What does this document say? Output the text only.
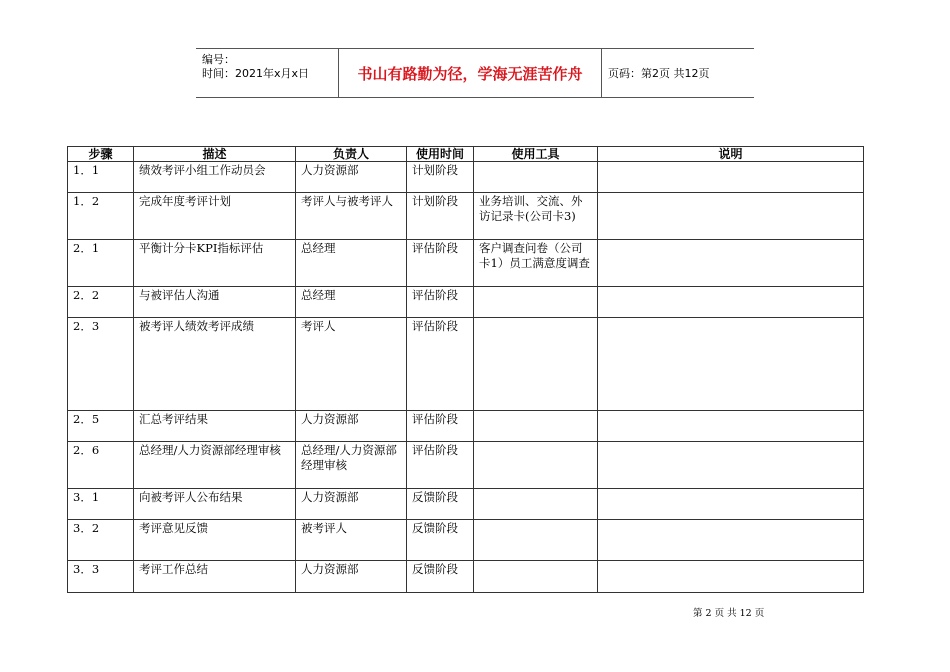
编号：
时间：2021年x月x日	书山有路勤为径，学海无涯苦作舟	页码：第2页 共12页
步骤	描述	负责人	使用时间	使用工具	说明
1．1	绩效考评小组工作动员会	人力资源部	计划阶段		
1．2	完成年度考评计划	考评人与被考评人	计划阶段	业务培训、交流、外访记录卡(公司卡3)	
2．1	平衡计分卡KPI指标评估	总经理	评估阶段	客户调查问卷（公司卡1）员工满意度调查	
2．2	与被评估人沟通	总经理	评估阶段		
2．3	被考评人绩效考评成绩	考评人	评估阶段		
2．5	汇总考评结果	人力资源部	评估阶段		
2．6	总经理/人力资源部经理审核	总经理/人力资源部经理审核	评估阶段		
3．1	向被考评人公布结果	人力资源部	反馈阶段		
3．2	考评意见反馈	被考评人	反馈阶段		
3．3	考评工作总结	人力资源部	反馈阶段		
第 2 页 共 12 页
